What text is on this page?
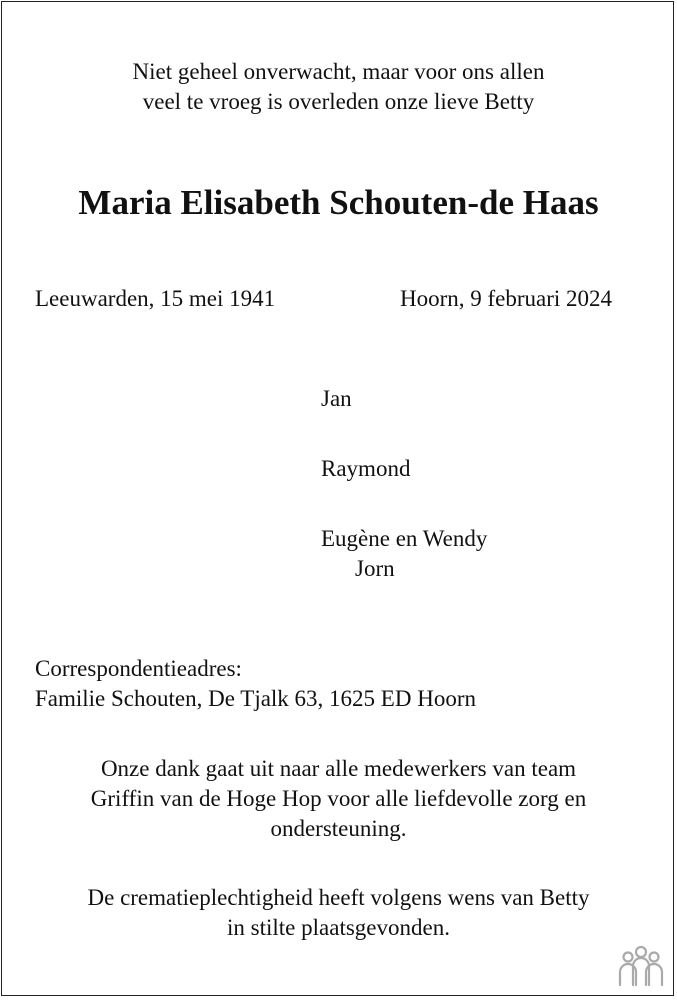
Niet geheel onverwacht, maar voor ons allen
veel te vroeg is overleden onze lieve Betty
Maria Elisabeth Schouten-de Haas
Leeuwarden, 15 mei 1941	Hoorn, 9 februari 2024
Jan
Raymond
Eugène en Wendy
Jorn
Correspondentieadres:
Familie Schouten, De Tjalk 63, 1625 ED Hoorn
Onze dank gaat uit naar alle medewerkers van team
Griffin van de Hoge Hop voor alle liefdevolle zorg en
ondersteuning.
De crematieplechtigheid heeft volgens wens van Betty
in stilte plaatsgevonden.
